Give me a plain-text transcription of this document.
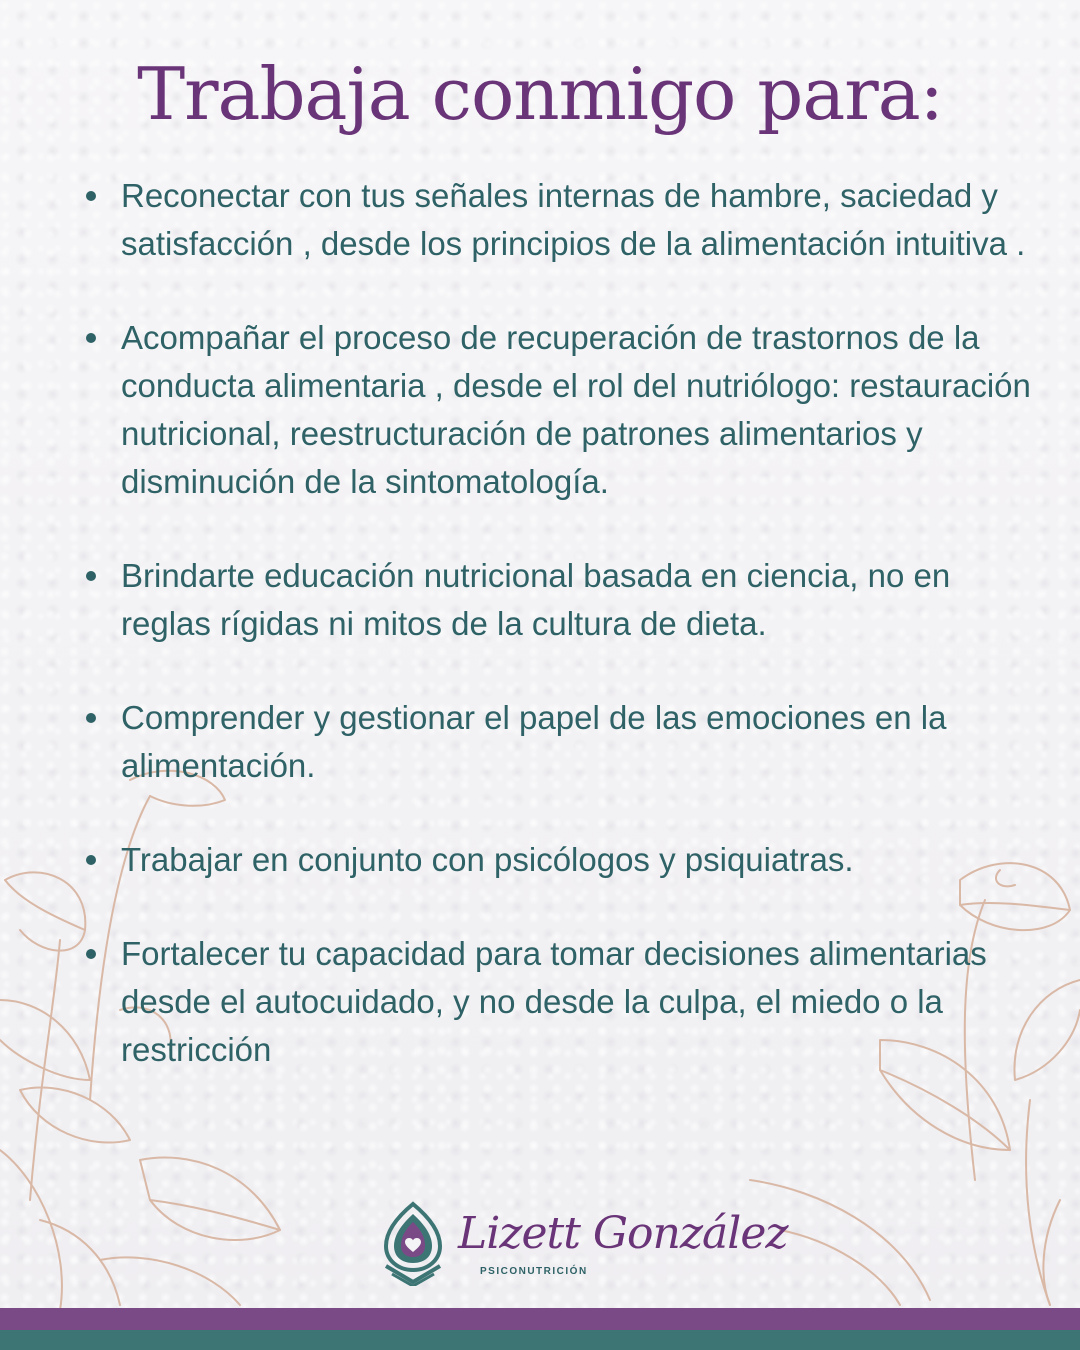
Trabaja conmigo para:
Reconectar con tus señales internas de hambre, saciedad y satisfacción , desde los principios de la alimentación intuitiva .
Acompañar el proceso de recuperación de trastornos de la conducta alimentaria , desde el rol del nutriólogo: restauración nutricional, reestructuración de patrones alimentarios y disminución de la sintomatología.
Brindarte educación nutricional basada en ciencia, no en reglas rígidas ni mitos de la cultura de dieta.
Comprender y gestionar el papel de las emociones en la alimentación.
Trabajar en conjunto con psicólogos y psiquiatras.
Fortalecer tu capacidad para tomar decisiones alimentarias desde el autocuidado, y no desde la culpa, el miedo o la restricción
Lizett González
PSICONUTRICIÓN
